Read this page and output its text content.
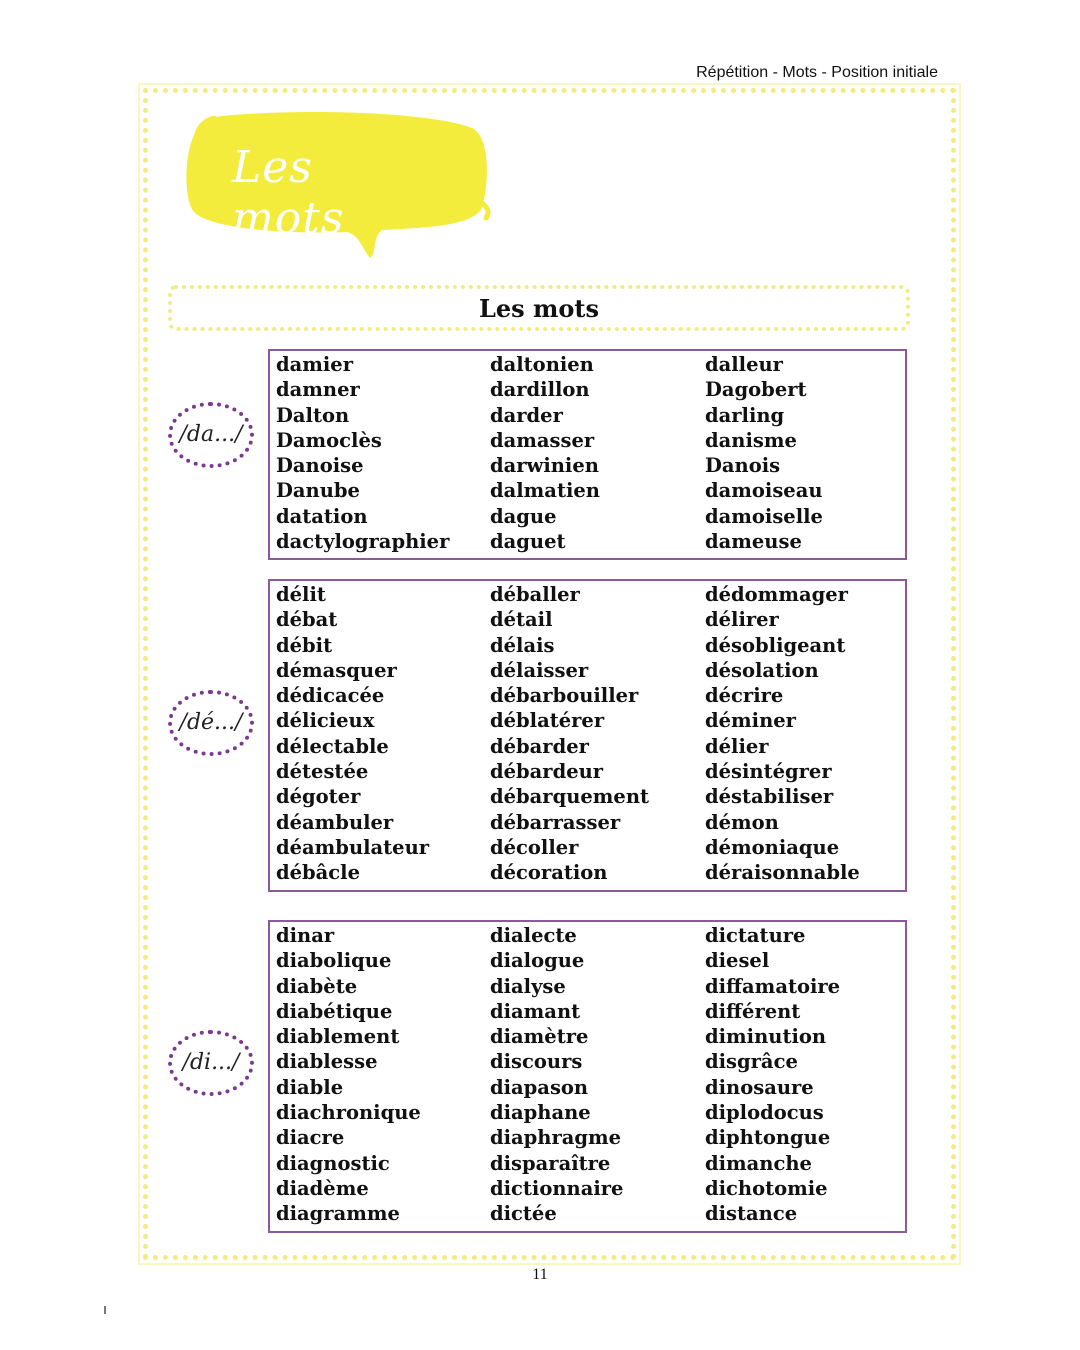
Répétition - Mots - Position initiale
Les mots
Les mots
/da.../
damier	daltonien	dalleur
damner	dardillon	Dagobert
Dalton	darder	darling
Damoclès	damasser	danisme
Danoise	darwinien	Danois
Danube	dalmatien	damoiseau
datation	dague	damoiselle
dactylographier	daguet	dameuse
/dé.../
délit	déballer	dédommager
débat	détail	délirer
débit	délais	désobligeant
démasquer	délaisser	désolation
dédicacée	débarbouiller	décrire
délicieux	déblatérer	déminer
délectable	débarder	délier
détestée	débardeur	désintégrer
dégoter	débarquement	déstabiliser
déambuler	débarrasser	démon
déambulateur	décoller	démoniaque
débâcle	décoration	déraisonnable
/di.../
dinar	dialecte	dictature
diabolique	dialogue	diesel
diabète	dialyse	diffamatoire
diabétique	diamant	différent
diablement	diamètre	diminution
diablesse	discours	disgrâce
diable	diapason	dinosaure
diachronique	diaphane	diplodocus
diacre	diaphragme	diphtongue
diagnostic	disparaître	dimanche
diadème	dictionnaire	dichotomie
diagramme	dictée	distance
11
